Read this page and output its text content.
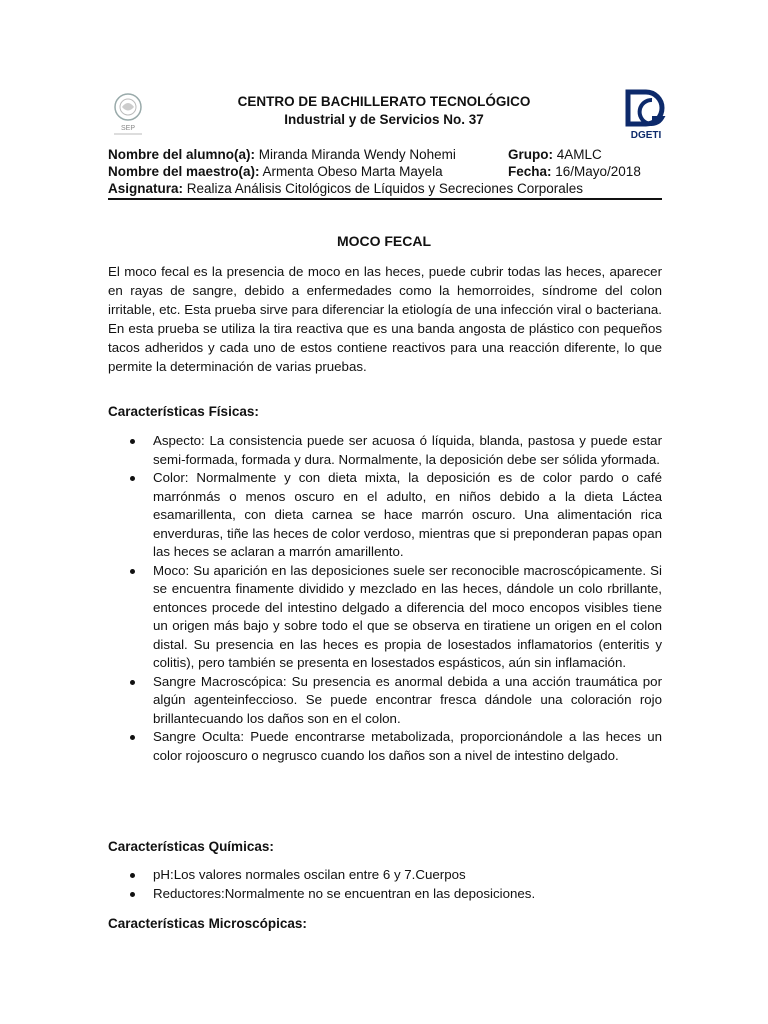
SEP
DGETI
CENTRO DE BACHILLERATO TECNOLÓGICO
Industrial y de Servicios No. 37
Nombre del alumno(a): Miranda Miranda Wendy Nohemi	Grupo: 4AMLC
Nombre del maestro(a): Armenta Obeso Marta Mayela	Fecha: 16/Mayo/2018
Asignatura: Realiza Análisis Citológicos de Líquidos y Secreciones Corporales
MOCO FECAL

El moco fecal es la presencia de moco en las heces, puede cubrir todas las heces, aparecer en rayas de sangre, debido a enfermedades como la hemorroides, síndrome del colon irritable, etc. Esta prueba sirve para diferenciar la etiología de una infección viral o bacteriana. En esta prueba se utiliza la tira reactiva que es una banda angosta de plástico con pequeños tacos adheridos y cada uno de estos contiene reactivos para una reacción diferente, lo que permite la determinación de varias pruebas.

Características Físicas:
Aspecto: La consistencia puede ser acuosa ó líquida, blanda, pastosa y puede estar semi-formada, formada y dura. Normalmente, la deposición debe ser sólida yformada.
Color: Normalmente y con dieta mixta, la deposición es de color pardo o café marrónmás o menos oscuro en el adulto, en niños debido a la dieta Láctea esamarillenta, con dieta carnea se hace marrón oscuro. Una alimentación rica enverduras, tiñe las heces de color verdoso, mientras que si preponderan papas opan las heces se aclaran a marrón amarillento.
Moco: Su aparición en las deposiciones suele ser reconocible macroscópicamente. Si se encuentra finamente dividido y mezclado en las heces, dándole un colo rbrillante, entonces procede del intestino delgado a diferencia del moco encopos visibles tiene un origen más bajo y sobre todo el que se observa en tiratiene un origen en el colon distal. Su presencia en las heces es propia de losestados inflamatorios (enteritis y colitis), pero también se presenta en losestados espásticos, aún sin inflamación.
Sangre Macroscópica: Su presencia es anormal debida a una acción traumática por algún agenteinfeccioso. Se puede encontrar fresca dándole una coloración rojo brillantecuando los daños son en el colon.
Sangre Oculta: Puede encontrarse metabolizada, proporcionándole a las heces un color rojooscuro o negrusco cuando los daños son a nivel de intestino delgado.
Características Químicas:
pH:Los valores normales oscilan entre 6 y 7.Cuerpos
Reductores:Normalmente no se encuentran en las deposiciones.
Características Microscópicas:
